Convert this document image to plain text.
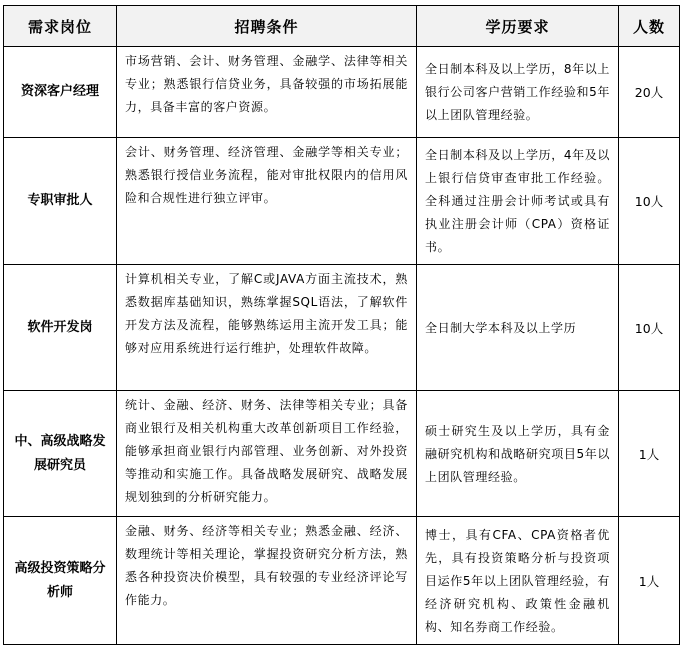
需求岗位	招聘条件	学历要求	人数
资深客户经理	市场营销、会计、财务管理、金融学、法律等相关专业；熟悉银行信贷业务，具备较强的市场拓展能力，具备丰富的客户资源。	全日制本科及以上学历，8年以上银行公司客户营销工作经验和5年以上团队管理经验。	20人
专职审批人	会计、财务管理、经济管理、金融学等相关专业；熟悉银行授信业务流程，能对审批权限内的信用风险和合规性进行独立评审。	全日制本科及以上学历，4年及以上银行信贷审查审批工作经验。全科通过注册会计师考试或具有执业注册会计师（CPA）资格证书。	10人
软件开发岗	计算机相关专业，了解C或JAVA方面主流技术，熟悉数据库基础知识，熟练掌握SQL语法，了解软件开发方法及流程，能够熟练运用主流开发工具；能够对应用系统进行运行维护，处理软件故障。	全日制大学本科及以上学历	10人
中、高级战略发展研究员	统计、金融、经济、财务、法律等相关专业；具备商业银行及相关机构重大改革创新项目工作经验，能够承担商业银行内部管理、业务创新、对外投资等推动和实施工作。具备战略发展研究、战略发展规划独到的分析研究能力。	硕士研究生及以上学历，具有金融研究机构和战略研究项目5年以上团队管理经验。	1人
高级投资策略分析师	金融、财务、经济等相关专业；熟悉金融、经济、数理统计等相关理论，掌握投资研究分析方法，熟悉各种投资决价模型，具有较强的专业经济评论写作能力。	博士，具有CFA、CPA资格者优先，具有投资策略分析与投资项目运作5年以上团队管理经验，有经济研究机构、政策性金融机构、知名券商工作经验。	1人
